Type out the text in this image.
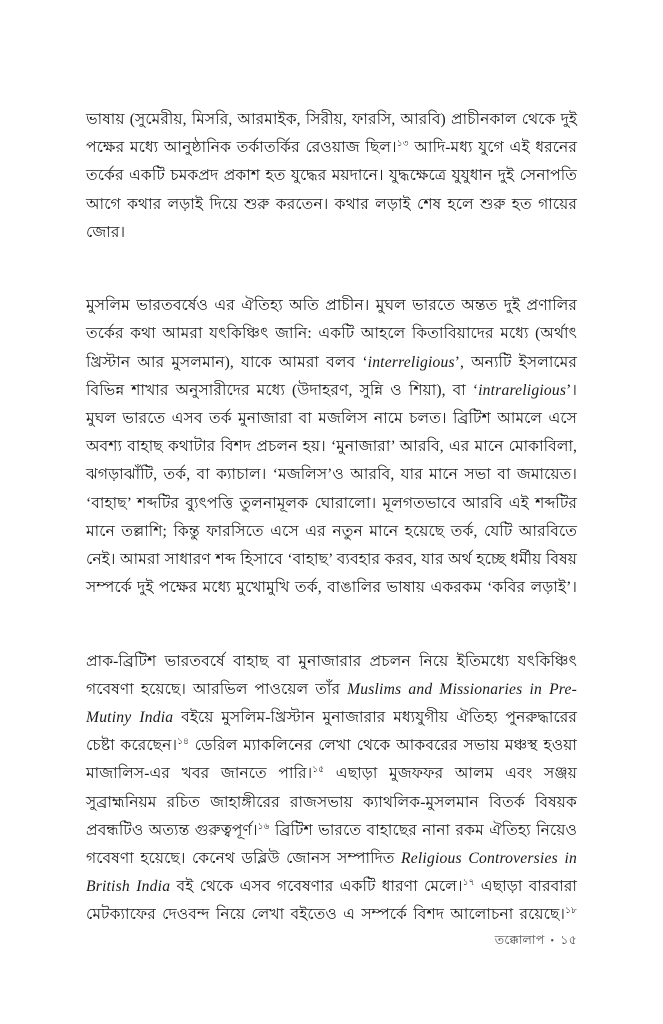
ভাষায় (সুমেরীয়, মিসরি, আরমাইক, সিরীয়, ফারসি, আরবি) প্রাচীনকাল থেকে দুই পক্ষের মধ্যে আনুষ্ঠানিক তর্কাতর্কির রেওয়াজ ছিল।$^{১৩}$ আদি-মধ্য যুগে এই ধরনের তর্কের একটি চমকপ্রদ প্রকাশ হত যুদ্ধের ময়দানে। যুদ্ধক্ষেত্রে যুযুধান দুই সেনাপতি আগে কথার লড়াই দিয়ে শুরু করতেন। কথার লড়াই শেষ হলে শুরু হত গায়ের জোর।

মুসলিম ভারতবর্ষেও এর ঐতিহ্য অতি প্রাচীন। মুঘল ভারতে অন্তত দুই প্রণালির তর্কের কথা আমরা যৎকিঞ্চিৎ জানি: একটি আহলে কিতাবিয়াদের মধ্যে (অর্থাৎ খ্রিস্টান আর মুসলমান), যাকে আমরা বলব ‘interreligious’, অন্যটি ইসলামের বিভিন্ন শাখার অনুসারীদের মধ্যে (উদাহরণ, সুন্নি ও শিয়া), বা ‘intrareligious’। মুঘল ভারতে এসব তর্ক মুনাজারা বা মজলিস নামে চলত। ব্রিটিশ আমলে এসে অবশ্য বাহাছ কথাটার বিশদ প্রচলন হয়। ‘মুনাজারা’ আরবি, এর মানে মোকাবিলা, ঝগড়াঝাঁটি, তর্ক, বা ক্যাচাল। ‘মজলিস’ও আরবি, যার মানে সভা বা জমায়েত। ‘বাহাছ’ শব্দটির ব্যুৎপত্তি তুলনামূলক ঘোরালো। মূলগতভাবে আরবি এই শব্দটির মানে তল্লাশি; কিন্তু ফারসিতে এসে এর নতুন মানে হয়েছে তর্ক, যেটি আরবিতে নেই। আমরা সাধারণ শব্দ হিসাবে ‘বাহাছ’ ব্যবহার করব, যার অর্থ হচ্ছে ধর্মীয় বিষয় সম্পর্কে দুই পক্ষের মধ্যে মুখোমুখি তর্ক, বাঙালির ভাষায় একরকম ‘কবির লড়াই’।

প্রাক-ব্রিটিশ ভারতবর্ষে বাহাছ বা মুনাজারার প্রচলন নিয়ে ইতিমধ্যে যৎকিঞ্চিৎ গবেষণা হয়েছে। আরভিল পাওয়েল তাঁর Muslims and Missionaries in Pre-Mutiny India বইয়ে মুসলিম-খ্রিস্টান মুনাজারার মধ্যযুগীয় ঐতিহ্য পুনরুদ্ধারের চেষ্টা করেছেন।$^{১৪}$ ডেরিল ম্যাকলিনের লেখা থেকে আকবরের সভায় মঞ্চস্থ হওয়া মাজালিস-এর খবর জানতে পারি।$^{১৫}$ এছাড়া মুজফফর আলম এবং সঞ্জয় সুব্রাহ্মনিয়ম রচিত জাহাঙ্গীরের রাজসভায় ক্যাথলিক-মুসলমান বিতর্ক বিষয়ক প্রবন্ধটিও অত্যন্ত গুরুত্বপূর্ণ।$^{১৬}$ ব্রিটিশ ভারতে বাহাছের নানা রকম ঐতিহ্য নিয়েও গবেষণা হয়েছে। কেনেথ ডব্লিউ জোনস সম্পাদিত Religious Controversies in British India বই থেকে এসব গবেষণার একটি ধারণা মেলে।$^{১৭}$ এছাড়া বারবারা মেটক্যাফের দেওবন্দ নিয়ে লেখা বইতেও এ সম্পর্কে বিশদ আলোচনা রয়েছে।$^{১৮}$

তক্কোলাপ • ১৫
